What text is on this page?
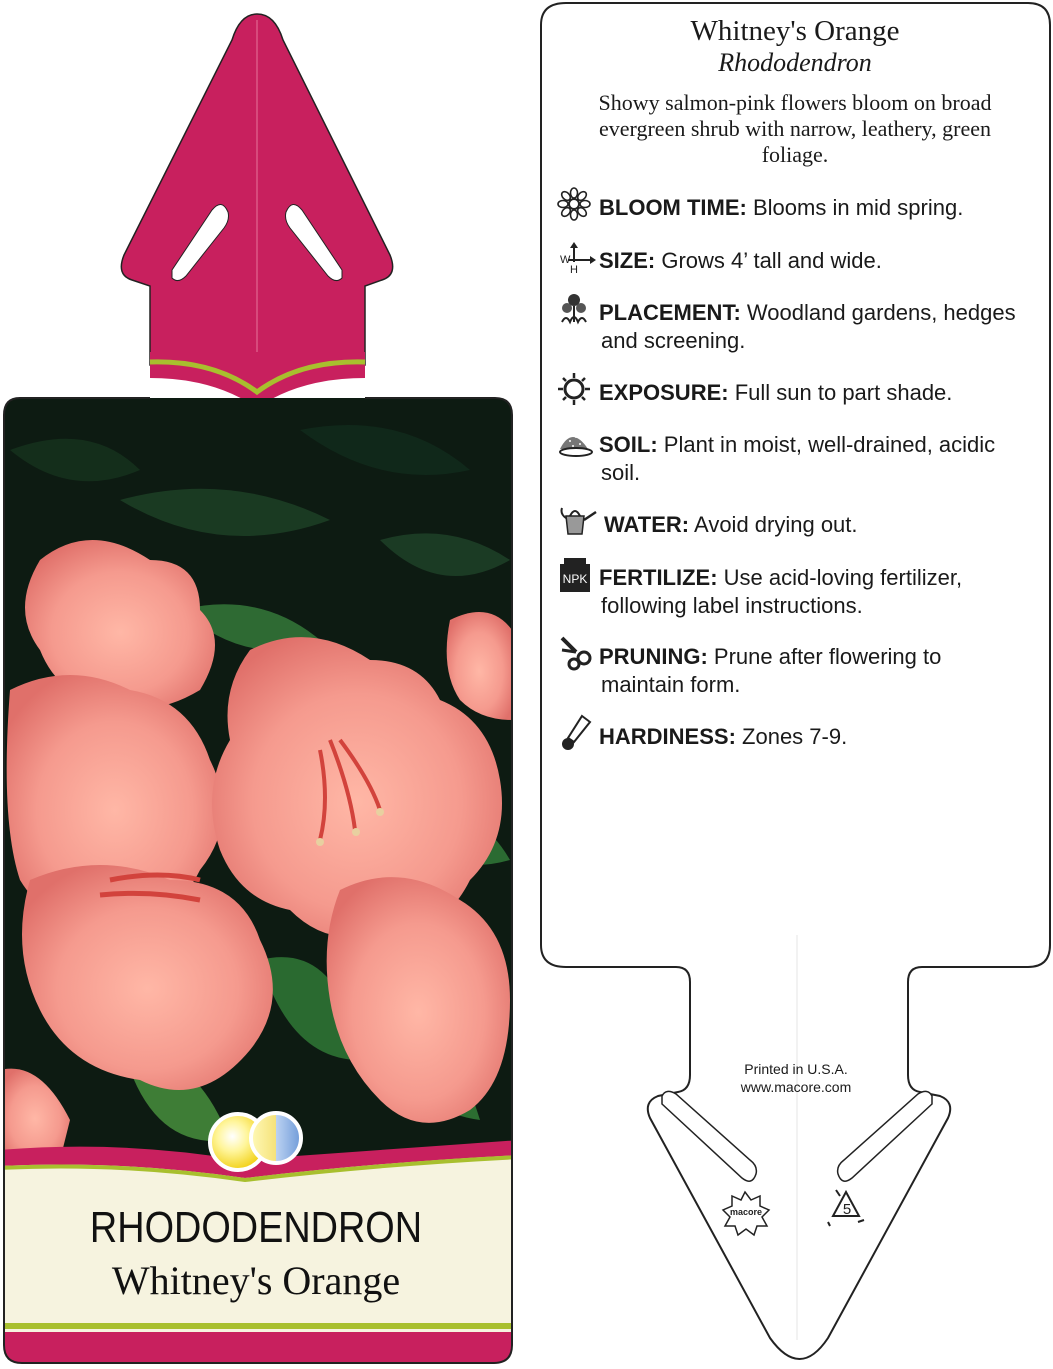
macore	5
W
H
NPK
Whitney's Orange
Rhododendron
Showy salmon-pink flowers bloom on broad evergreen shrub with narrow, leathery, green foliage.
BLOOM TIME: Blooms in mid spring.
SIZE: Grows 4’ tall and wide.
PLACEMENT: Woodland gardens, hedges
and screening.
EXPOSURE: Full sun to part shade.
SOIL: Plant in moist, well-drained, acidic
soil.
WATER: Avoid drying out.
FERTILIZE: Use acid-loving fertilizer,
following label instructions.
PRUNING: Prune after flowering to
maintain form.
HARDINESS: Zones 7-9.
Printed in U.S.A.
www.macore.com
RHODODENDRON
Whitney's Orange
